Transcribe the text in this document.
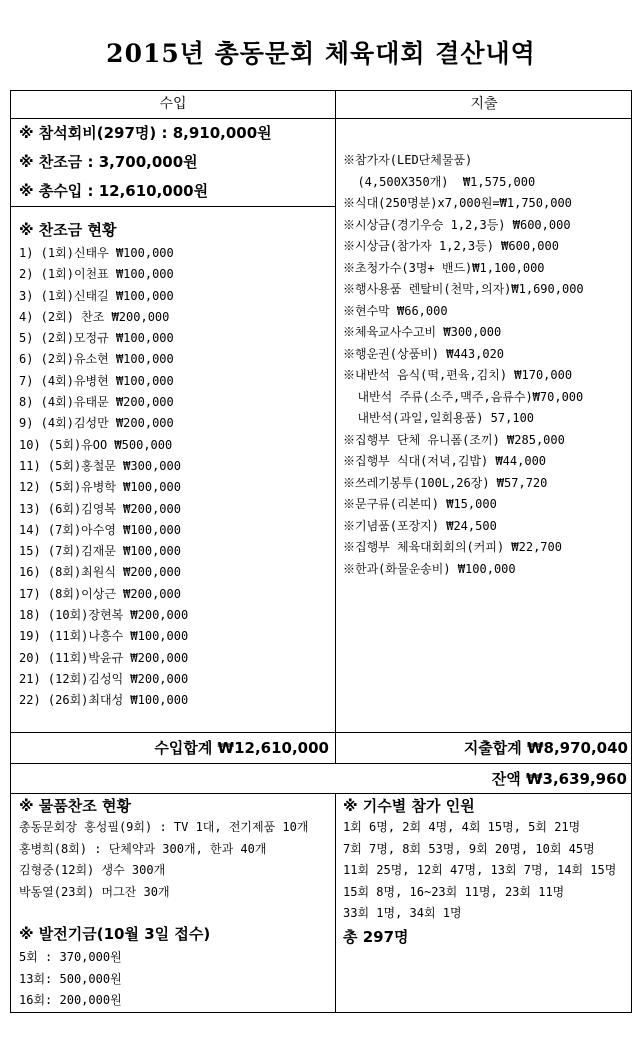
2015년 총동문회 체육대회 결산내역
수입	지출
※ 참석회비(297명) : 8,910,000원
※ 찬조금 : 3,700,000원
※ 총수입 : 12,610,000원
※ 찬조금 현황
1) (1회)신태우 ₩100,000
2) (1회)이천표 ₩100,000
3) (1회)신태길 ₩100,000
4) (2회) 찬조 ₩200,000
5) (2회)모정규 ₩100,000
6) (2회)유소현 ₩100,000
7) (4회)유병현 ₩100,000
8) (4회)유태문 ₩200,000
9) (4회)김성만 ₩200,000
10) (5회)유OO ₩500,000
11) (5회)홍철문 ₩300,000
12) (5회)유병학 ₩100,000
13) (6회)김영복 ₩200,000
14) (7회)아수영 ₩100,000
15) (7회)김재문 ₩100,000
16) (8회)최원식 ₩200,000
17) (8회)이상근 ₩200,000
18) (10회)장현복 ₩200,000
19) (11회)나흥수 ₩100,000
20) (11회)박윤규 ₩200,000
21) (12회)김성익 ₩200,000
22) (26회)최대성 ₩100,000
※참가자(LED단체물품)
(4,500X350개)  ₩1,575,000
※식대(250명분)x7,000원=₩1,750,000
※시상금(경기우승 1,2,3등) ₩600,000
※시상금(참가자 1,2,3등) ₩600,000
※초청가수(3명+ 밴드)₩1,100,000
※행사용품 렌탈비(천막,의자)₩1,690,000
※현수막 ₩66,000
※체육교사수고비 ₩300,000
※행운권(상품비) ₩443,020
※내반석 음식(떡,편육,김치) ₩170,000
내반석 주류(소주,맥주,음류수)₩70,000
내반석(과일,일회용품) 57,100
※집행부 단체 유니폼(조끼) ₩285,000
※집행부 식대(저녁,김밥) ₩44,000
※쓰레기봉투(100L,26장) ₩57,720
※문구류(리본띠) ₩15,000
※기념품(포장지) ₩24,500
※집행부 체육대회회의(커피) ₩22,700
※한과(화물운송비) ₩100,000
수입합계 ₩12,610,000	지출합계 ₩8,970,040
잔액 ₩3,639,960
※ 물품찬조 현황
총동문회장 홍성필(9회) : TV 1대, 전기제품 10개
홍병희(8회) : 단체약과 300개, 한과 40개
김형중(12회) 생수 300개
박동열(23회) 머그잔 30개
※ 발전기금(10월 3일 접수)
5회 : 370,000원
13회: 500,000원
16회: 200,000원
※ 기수별 참가 인원
1회 6명, 2회 4명, 4회 15명, 5회 21명
7회 7명, 8회 53명, 9회 20명, 10회 45명
11회 25명, 12회 47명, 13회 7명, 14회 15명
15회 8명, 16~23회 11명, 23회 11명
33회 1명, 34회 1명
총 297명
